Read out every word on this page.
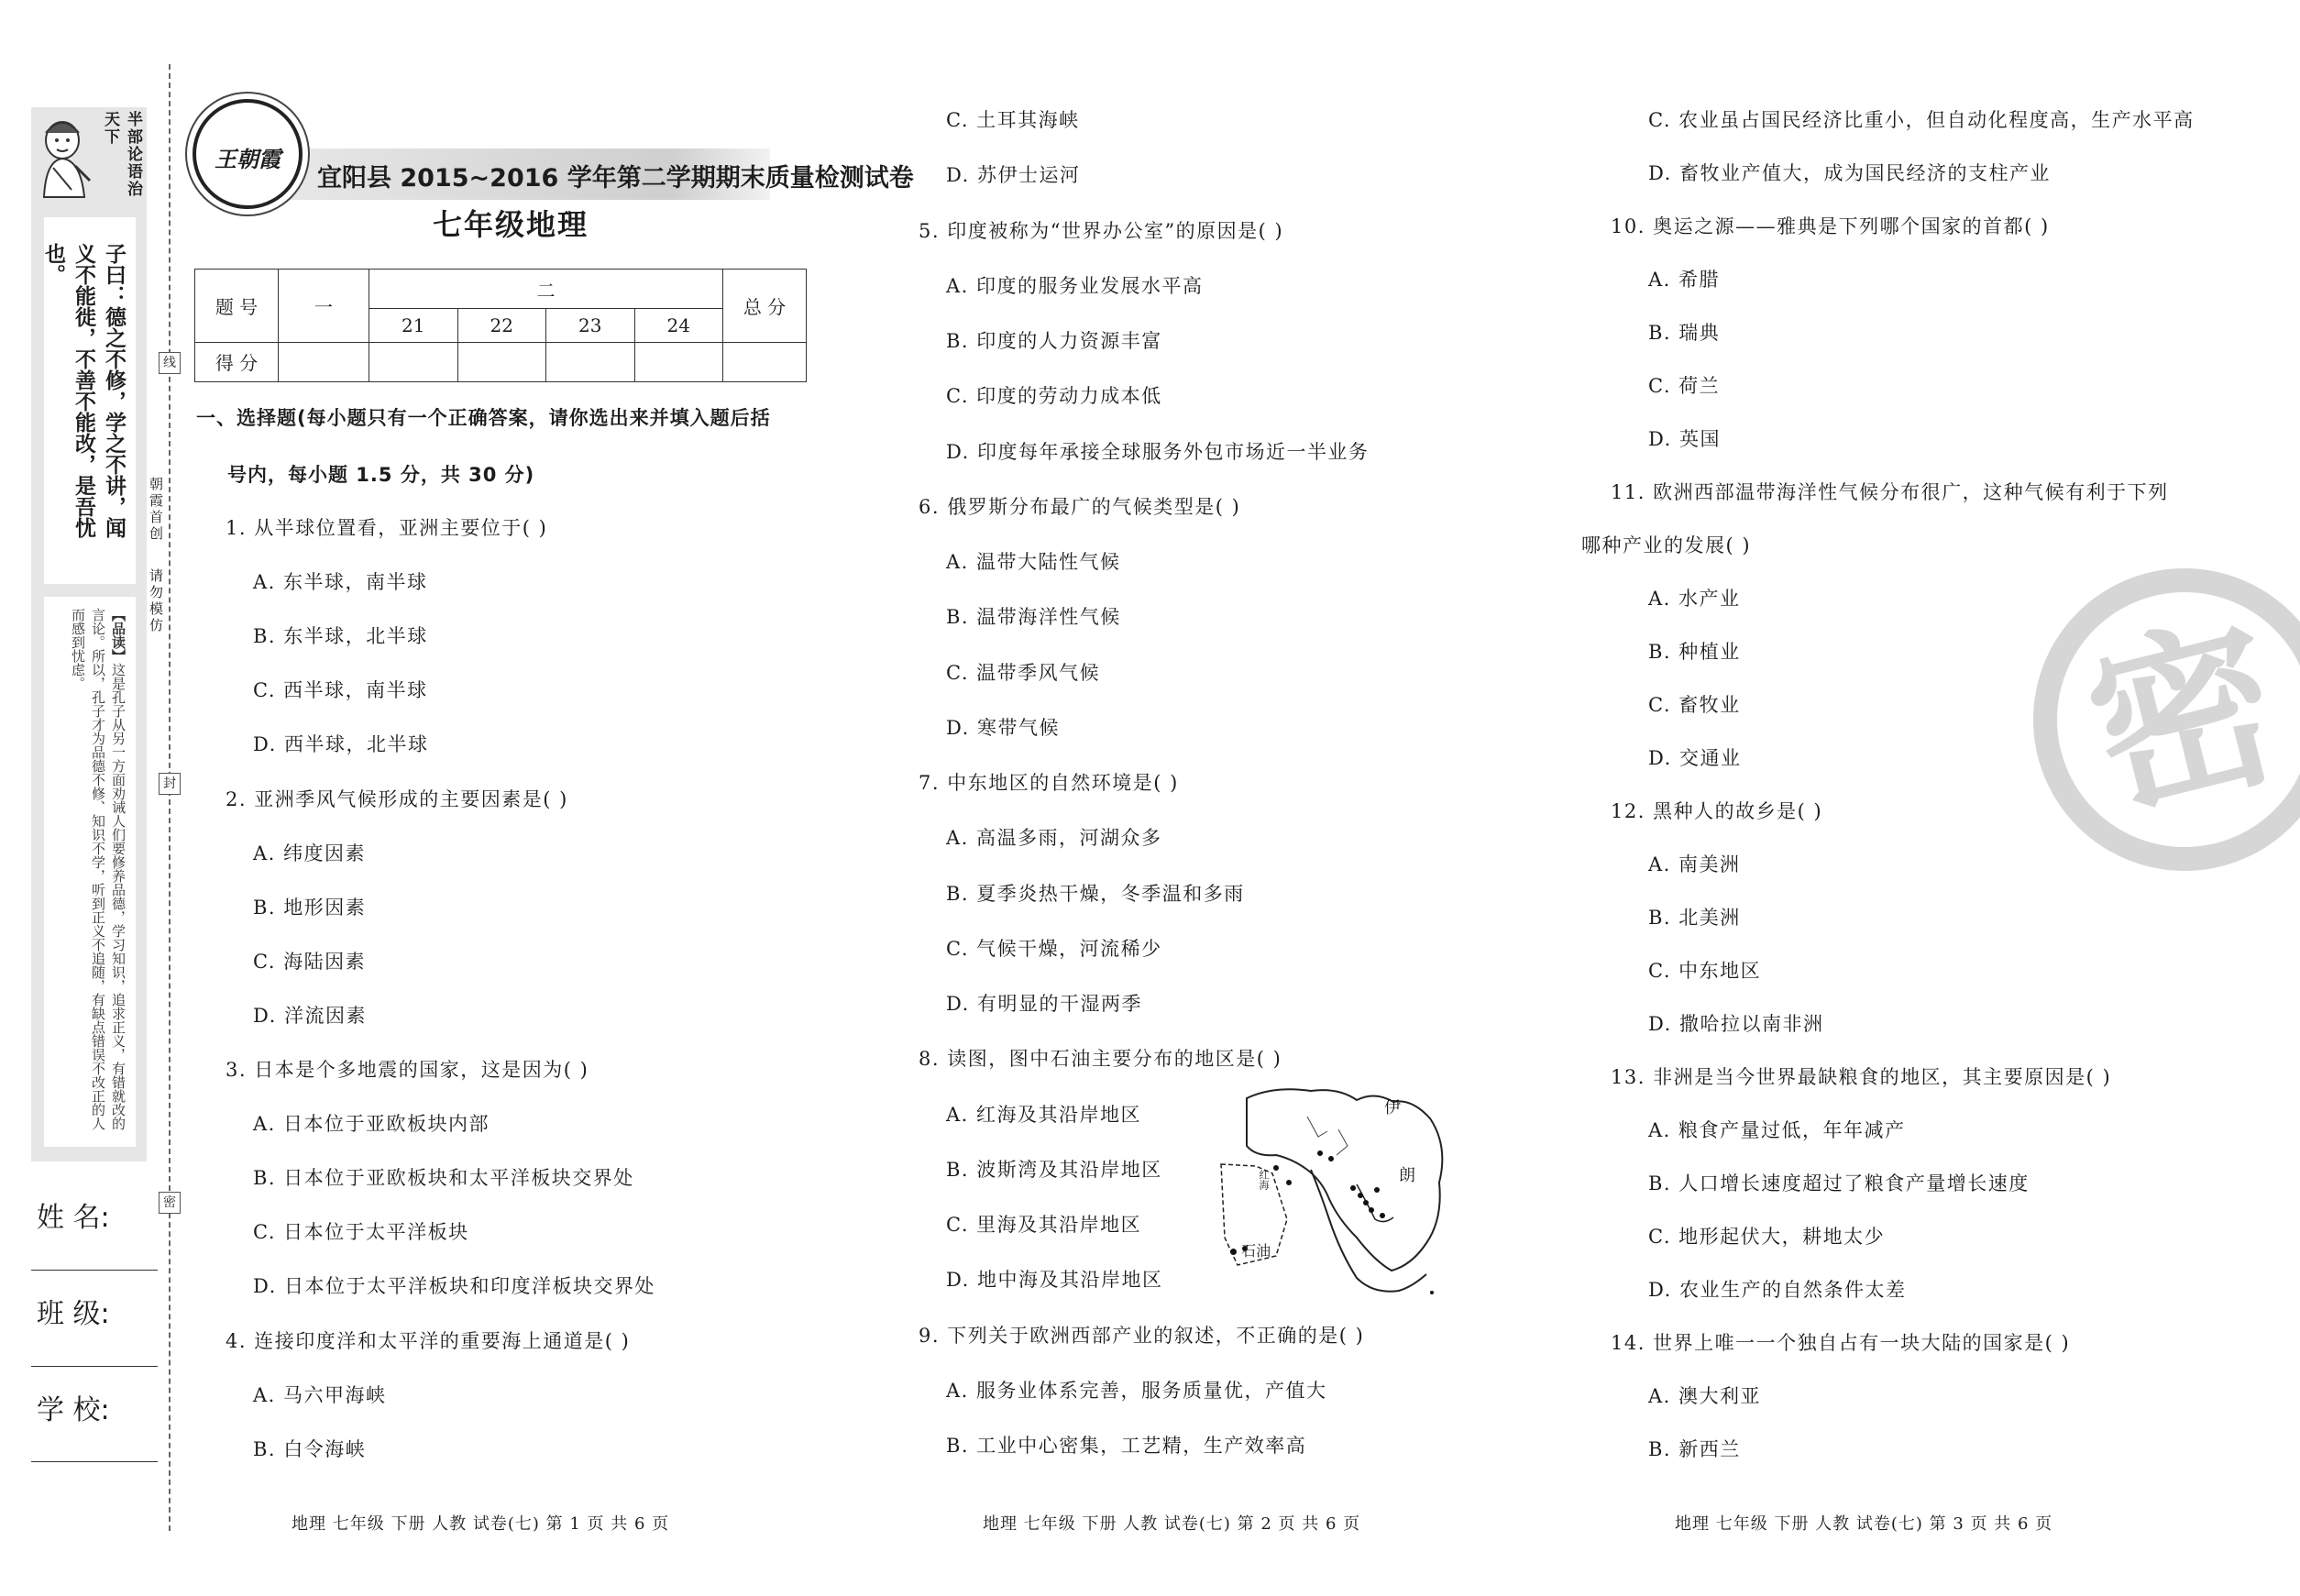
半部论语治天下
子曰：德之不修，学之不讲，闻义不能徙，不善不能改，是吾忧也。
【品读】这是孔子从另一方面劝诫人们要修养品德，学习知识，追求正义，有错就改的言论。所以，孔子才为品德不修、知识不学，听到正义不追随，有缺点错误不改正的人而感到忧虑。
线
封
密
朝霞首创
请勿模仿
姓 名:
班 级:
学 校:
王朝霞
宜阳县 2015~2016 学年第二学期期末质量检测试卷
七年级地理
题 号	一	二				总 分
		21	22	23	24	
得 分						
一、选择题(每小题只有一个正确答案，请你选出来并填入题后括
号内，每小题 1.5 分，共 30 分)
1. 从半球位置看，亚洲主要位于( )
A. 东半球，南半球
B. 东半球，北半球
C. 西半球，南半球
D. 西半球，北半球
2. 亚洲季风气候形成的主要因素是( )
A. 纬度因素
B. 地形因素
C. 海陆因素
D. 洋流因素
3. 日本是个多地震的国家，这是因为( )
A. 日本位于亚欧板块内部
B. 日本位于亚欧板块和太平洋板块交界处
C. 日本位于太平洋板块
D. 日本位于太平洋板块和印度洋板块交界处
4. 连接印度洋和太平洋的重要海上通道是( )
A. 马六甲海峡
B. 白令海峡
C. 土耳其海峡
D. 苏伊士运河
5. 印度被称为“世界办公室”的原因是( )
A. 印度的服务业发展水平高
B. 印度的人力资源丰富
C. 印度的劳动力成本低
D. 印度每年承接全球服务外包市场近一半业务
6. 俄罗斯分布最广的气候类型是( )
A. 温带大陆性气候
B. 温带海洋性气候
C. 温带季风气候
D. 寒带气候
7. 中东地区的自然环境是( )
A. 高温多雨，河湖众多
B. 夏季炎热干燥，冬季温和多雨
C. 气候干燥，河流稀少
D. 有明显的干湿两季
8. 读图，图中石油主要分布的地区是( )
A. 红海及其沿岸地区
B. 波斯湾及其沿岸地区
C. 里海及其沿岸地区
D. 地中海及其沿岸地区
9. 下列关于欧洲西部产业的叙述，不正确的是( )
A. 服务业体系完善，服务质量优，产值大
B. 工业中心密集，工艺精，生产效率高
C. 农业虽占国民经济比重小，但自动化程度高，生产水平高
D. 畜牧业产值大，成为国民经济的支柱产业
10. 奥运之源——雅典是下列哪个国家的首都( )
A. 希腊
B. 瑞典
C. 荷兰
D. 英国
11. 欧洲西部温带海洋性气候分布很广，这种气候有利于下列
哪种产业的发展( )
A. 水产业
B. 种植业
C. 畜牧业
D. 交通业
12. 黑种人的故乡是( )
A. 南美洲
B. 北美洲
C. 中东地区
D. 撒哈拉以南非洲
13. 非洲是当今世界最缺粮食的地区，其主要原因是( )
A. 粮食产量过低，年年减产
B. 人口增长速度超过了粮食产量增长速度
C. 地形起伏大，耕地太少
D. 农业生产的自然条件太差
14. 世界上唯一一个独自占有一块大陆的国家是( )
A. 澳大利亚
B. 新西兰
伊
朗
红海
石油
密
地理 七年级 下册 人教 试卷(七) 第 1 页 共 6 页	地理 七年级 下册 人教 试卷(七) 第 2 页 共 6 页	地理 七年级 下册 人教 试卷(七) 第 3 页 共 6 页
